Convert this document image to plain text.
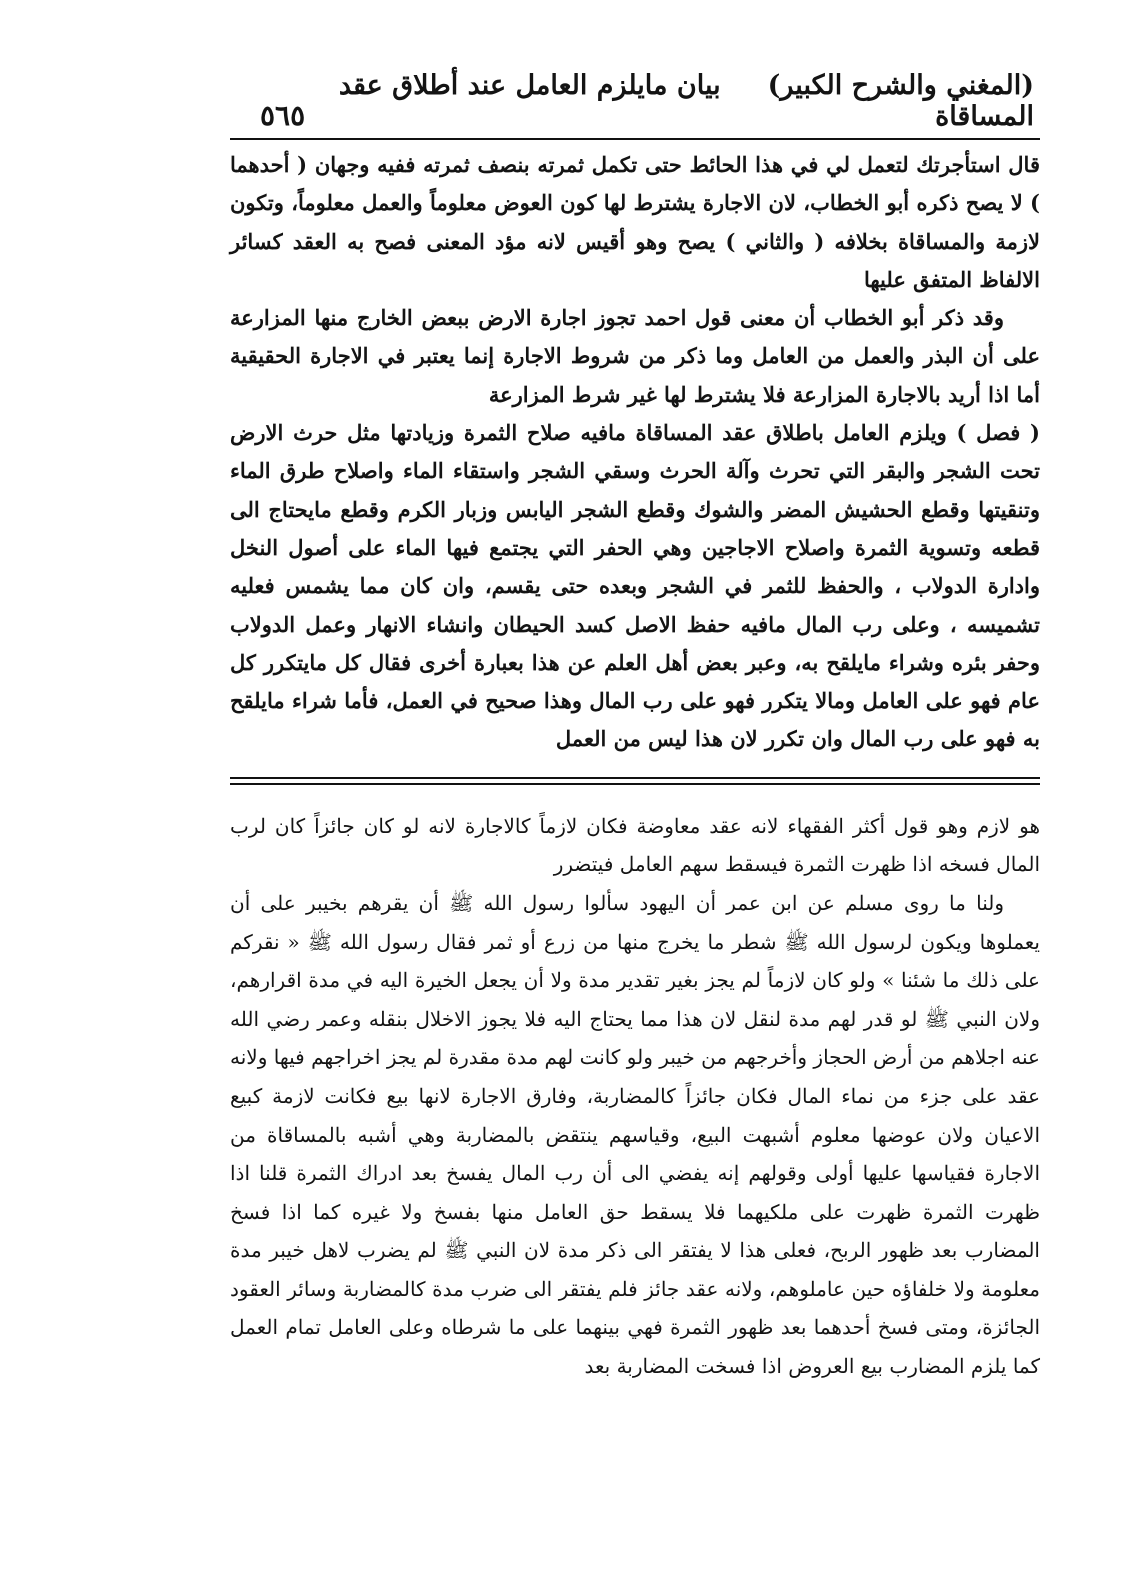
(المغني والشرح الكبير)     بيان مايلزم العامل عند أطلاق عقد المساقاة
٥٦٥

قال استأجرتك لتعمل لي في هذا الحائط حتى تكمل ثمرته بنصف ثمرته ففيه وجهان ( أحدهما ) لا يصح ذكره أبو الخطاب، لان الاجارة يشترط لها كون العوض معلوماً والعمل معلوماً، وتكون لازمة والمساقاة بخلافه ( والثاني ) يصح وهو أقيس لانه مؤد المعنى فصح به العقد كسائر الالفاظ المتفق عليها

وقد ذكر أبو الخطاب أن معنى قول احمد تجوز اجارة الارض ببعض الخارج منها المزارعة على أن البذر والعمل من العامل وما ذكر من شروط الاجارة إنما يعتبر في الاجارة الحقيقية أما اذا أريد بالاجارة المزارعة فلا يشترط لها غير شرط المزارعة

( فصل ) ويلزم العامل باطلاق عقد المساقاة مافيه صلاح الثمرة وزيادتها مثل حرث الارض تحت الشجر والبقر التي تحرث وآلة الحرث وسقي الشجر واستقاء الماء واصلاح طرق الماء وتنقيتها وقطع الحشيش المضر والشوك وقطع الشجر اليابس وزبار الكرم وقطع مايحتاج الى قطعه وتسوية الثمرة واصلاح الاجاجين وهي الحفر التي يجتمع فيها الماء على أصول النخل وادارة الدولاب ، والحفظ للثمر في الشجر وبعده حتى يقسم، وان كان مما يشمس فعليه تشميسه ، وعلى رب المال مافيه حفظ الاصل كسد الحيطان وانشاء الانهار وعمل الدولاب وحفر بئره وشراء مايلقح به، وعبر بعض أهل العلم عن هذا بعبارة أخرى فقال كل مايتكرر كل عام فهو على العامل ومالا يتكرر فهو على رب المال وهذا صحيح في العمل، فأما شراء مايلقح به فهو على رب المال وان تكرر لان هذا ليس من العمل

هو لازم وهو قول أكثر الفقهاء لانه عقد معاوضة فكان لازماً كالاجارة لانه لو كان جائزاً كان لرب المال فسخه اذا ظهرت الثمرة فيسقط سهم العامل فيتضرر

ولنا ما روى مسلم عن ابن عمر أن اليهود سألوا رسول الله ﷺ أن يقرهم بخيبر على أن يعملوها ويكون لرسول الله ﷺ شطر ما يخرج منها من زرع أو ثمر فقال رسول الله ﷺ « نقركم على ذلك ما شئنا » ولو كان لازماً لم يجز بغير تقدير مدة ولا أن يجعل الخيرة اليه في مدة اقرارهم، ولان النبي ﷺ لو قدر لهم مدة لنقل لان هذا مما يحتاج اليه فلا يجوز الاخلال بنقله وعمر رضي الله عنه اجلاهم من أرض الحجاز وأخرجهم من خيبر ولو كانت لهم مدة مقدرة لم يجز اخراجهم فيها ولانه عقد على جزء من نماء المال فكان جائزاً كالمضاربة، وفارق الاجارة لانها بيع فكانت لازمة كبيع الاعيان ولان عوضها معلوم أشبهت البيع، وقياسهم ينتقض بالمضاربة وهي أشبه بالمساقاة من الاجارة فقياسها عليها أولى وقولهم إنه يفضي الى أن رب المال يفسخ بعد ادراك الثمرة قلنا اذا ظهرت الثمرة ظهرت على ملكيهما فلا يسقط حق العامل منها بفسخ ولا غيره كما اذا فسخ المضارب بعد ظهور الربح، فعلى هذا لا يفتقر الى ذكر مدة لان النبي ﷺ لم يضرب لاهل خيبر مدة معلومة ولا خلفاؤه حين عاملوهم، ولانه عقد جائز فلم يفتقر الى ضرب مدة كالمضاربة وسائر العقود الجائزة، ومتى فسخ أحدهما بعد ظهور الثمرة فهي بينهما على ما شرطاه وعلى العامل تمام العمل كما يلزم المضارب بيع العروض اذا فسخت المضاربة بعد
